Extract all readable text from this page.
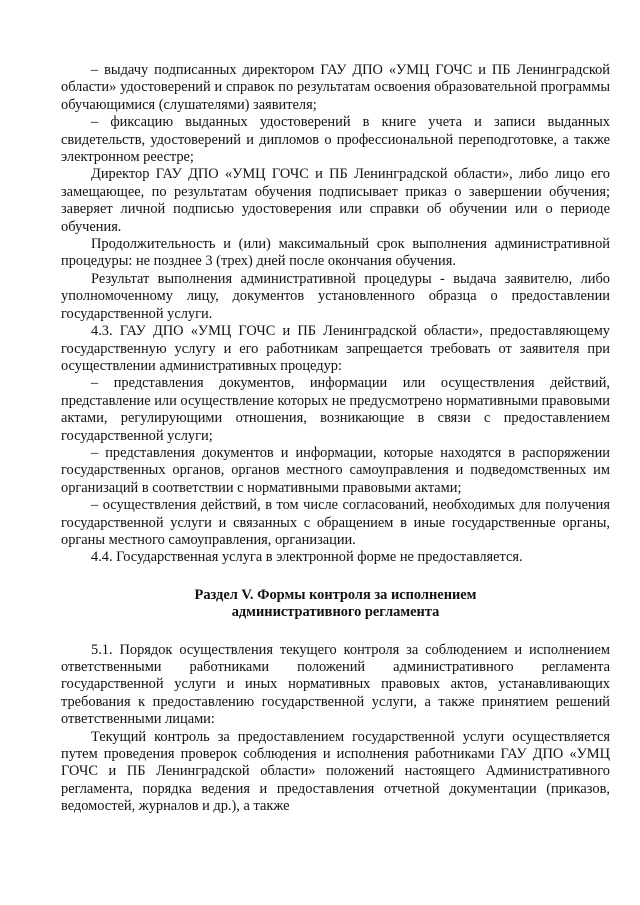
– выдачу подписанных директором ГАУ ДПО «УМЦ ГОЧС и ПБ Ленинградской области» удостоверений и справок по результатам освоения образовательной программы обучающимися (слушателями) заявителя;

– фиксацию выданных удостоверений в книге учета и записи выданных свидетельств, удостоверений и дипломов о профессиональной переподготовке, а также электронном реестре;

Директор ГАУ ДПО «УМЦ ГОЧС и ПБ Ленинградской области», либо лицо его замещающее, по результатам обучения подписывает приказ о завершении обучения; заверяет личной подписью удостоверения или справки об обучении или о периоде обучения.

Продолжительность и (или) максимальный срок выполнения административной процедуры: не позднее 3 (трех) дней после окончания обучения.

Результат выполнения административной процедуры - выдача заявителю, либо уполномоченному лицу, документов установленного образца о предоставлении государственной услуги.

4.3. ГАУ ДПО «УМЦ ГОЧС и ПБ Ленинградской области», предоставляющему государственную услугу и его работникам запрещается требовать от заявителя при осуществлении административных процедур:

– представления документов, информации или осуществления действий, представление или осуществление которых не предусмотрено нормативными правовыми актами, регулирующими отношения, возникающие в связи с предоставлением государственной услуги;

– представления документов и информации, которые находятся в распоряжении государственных органов, органов местного самоуправления и подведомственных им организаций в соответствии с нормативными правовыми актами;

– осуществления действий, в том числе согласований, необходимых для получения государственной услуги и связанных с обращением в иные государственные органы, органы местного самоуправления, организации.

4.4. Государственная услуга в электронной форме не предоставляется.

Раздел V. Формы контроля за исполнением

административного регламента

5.1. Порядок осуществления текущего контроля за соблюдением и исполнением ответственными работниками положений административного регламента государственной услуги и иных нормативных правовых актов, устанавливающих требования к предоставлению государственной услуги, а также принятием решений ответственными лицами:

Текущий контроль за предоставлением государственной услуги осуществляется путем проведения проверок соблюдения и исполнения работниками ГАУ ДПО «УМЦ ГОЧС и ПБ Ленинградской области» положений настоящего Административного регламента, порядка ведения и предоставления отчетной документации (приказов, ведомостей, журналов и др.), а также
